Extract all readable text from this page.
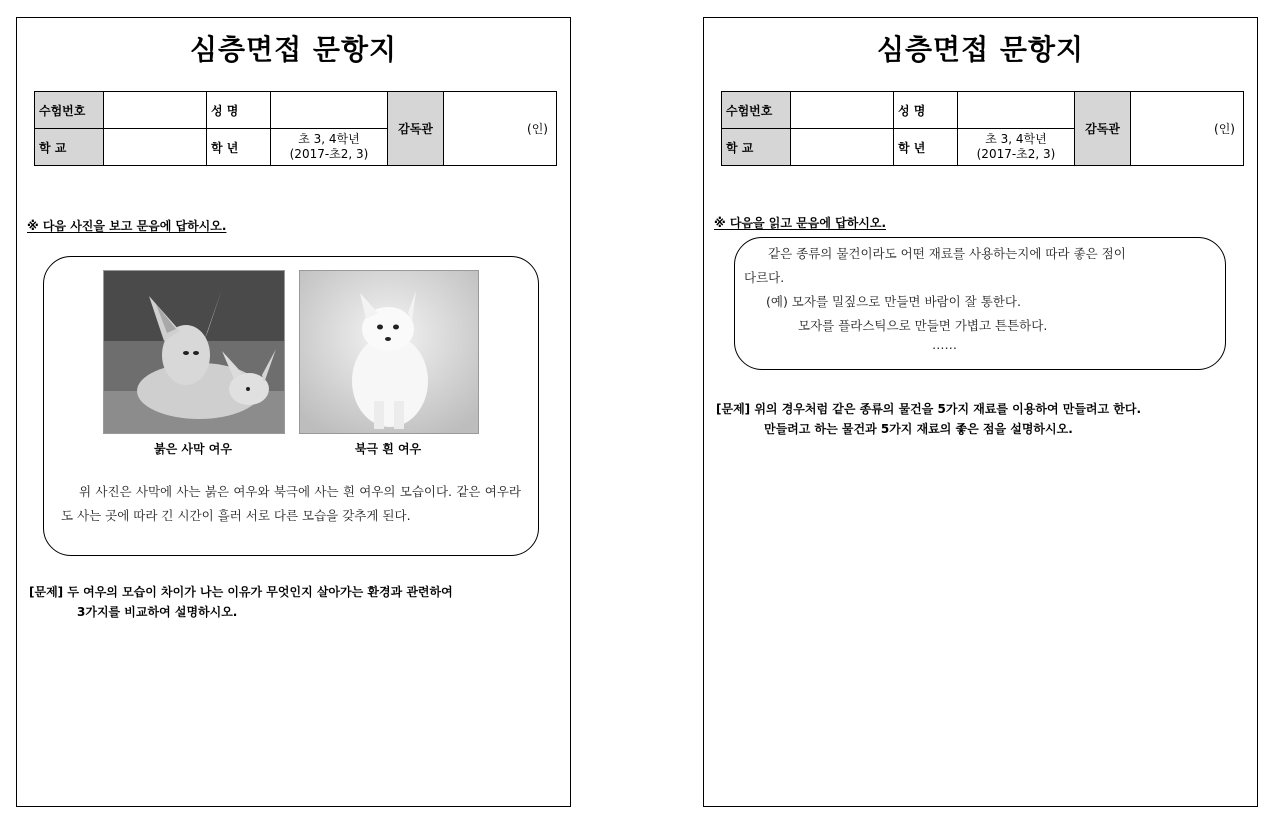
심층면접 문항지
수험번호		성 명		감독관	(인)
학 교		학 년	초 3, 4학년
(2017-초2, 3)		
※ 다음 사진을 보고 문음에 답하시오.
붉은 사막 여우	북극 흰 여우
위 사진은 사막에 사는 붉은 여우와 북극에 사는 흰 여우의 모습이다. 같은 여우라도 사는 곳에 따라 긴 시간이 흘러 서로 다른 모습을 갖추게 된다.
[문제] 두 여우의 모습이 차이가 나는 이유가 무엇인지 살아가는 환경과 관련하여
3가지를 비교하여 설명하시오.
심층면접 문항지
수험번호		성 명		감독관	(인)
학 교		학 년	초 3, 4학년
(2017-초2, 3)		
※ 다음을 읽고 문음에 답하시오.
같은 종류의 물건이라도 어떤 재료를 사용하는지에 따라 좋은 점이
다르다.
(예) 모자를 밀짚으로 만들면 바람이 잘 통한다.
모자를 플라스틱으로 만들면 가볍고 튼튼하다.
……
[문제] 위의 경우처럼 같은 종류의 물건을 5가지 재료를 이용하여 만들려고 한다.
만들려고 하는 물건과 5가지 재료의 좋은 점을 설명하시오.
